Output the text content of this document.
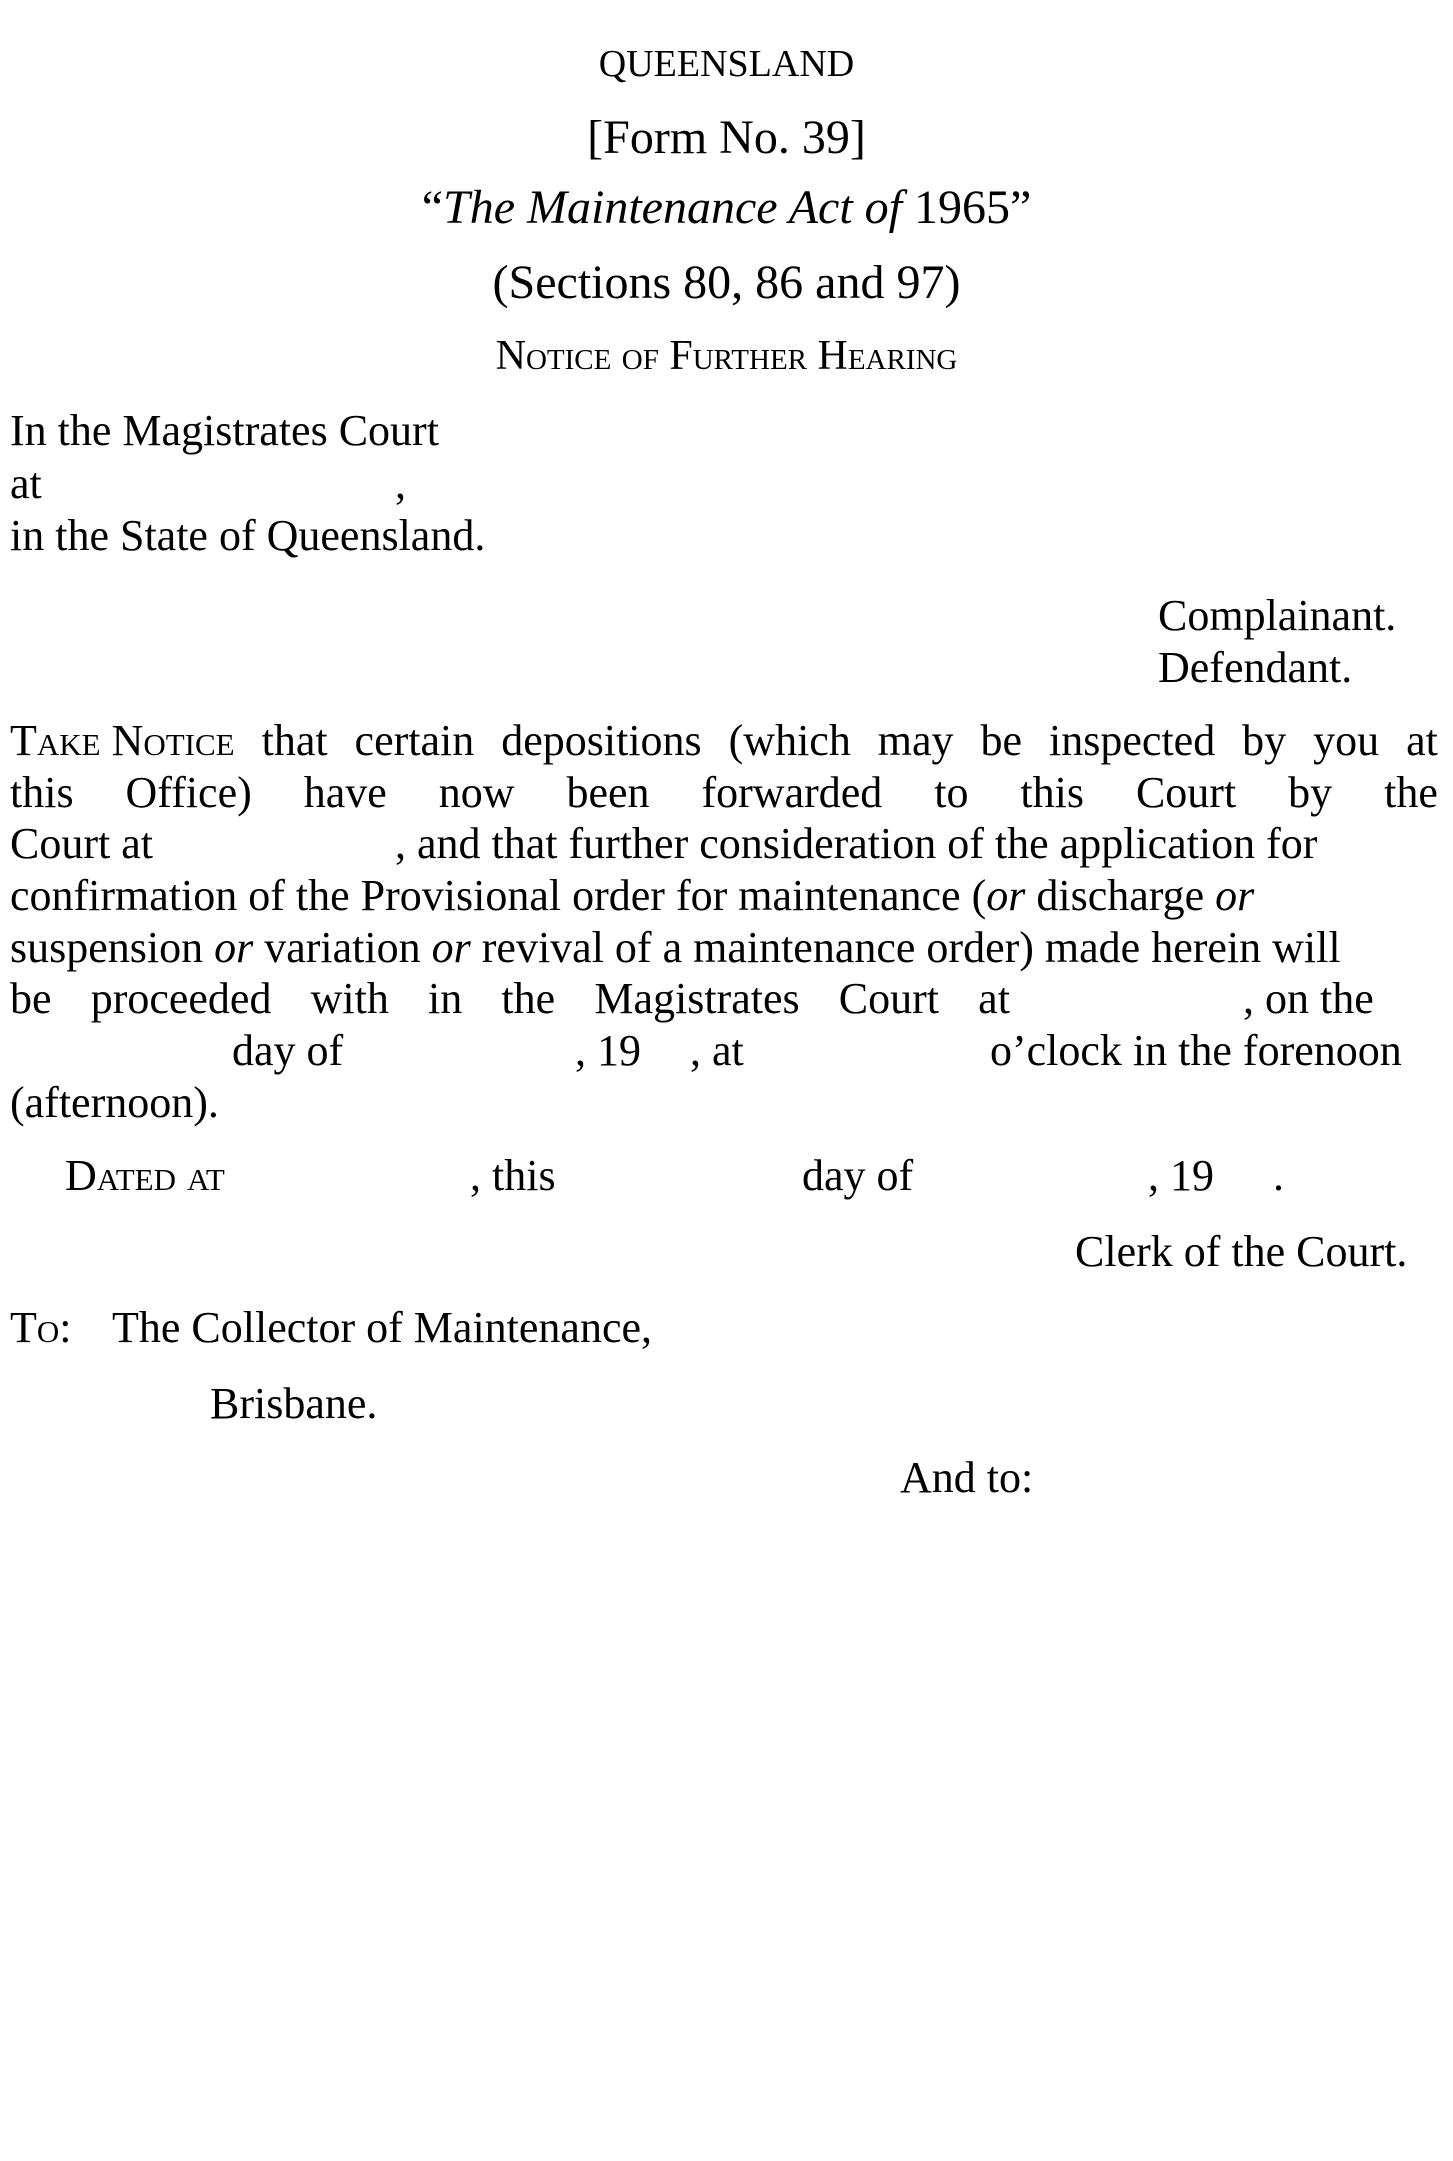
QUEENSLAND
[Form No. 39]
“The Maintenance Act of 1965”
(Sections 80, 86 and 97)
Notice of Further Hearing
In the Magistrates Court
at	,
in the State of Queensland.
Complainant.
Defendant.
Take Notice that certain depositions (which may be inspected by you at
this Office) have now been forwarded to this Court by the
Court at	, and that further consideration of the application for
confirmation of the Provisional order for maintenance (or discharge or
suspension or variation or revival of a maintenance order) made herein will
be proceeded with in the Magistrates Court at	, on the
day of	, 19 , at	o’clock in the forenoon
(afternoon).
Dated at	, this	day of	, 19 .
Clerk of the Court.
To: The Collector of Maintenance,
Brisbane.
And to:
